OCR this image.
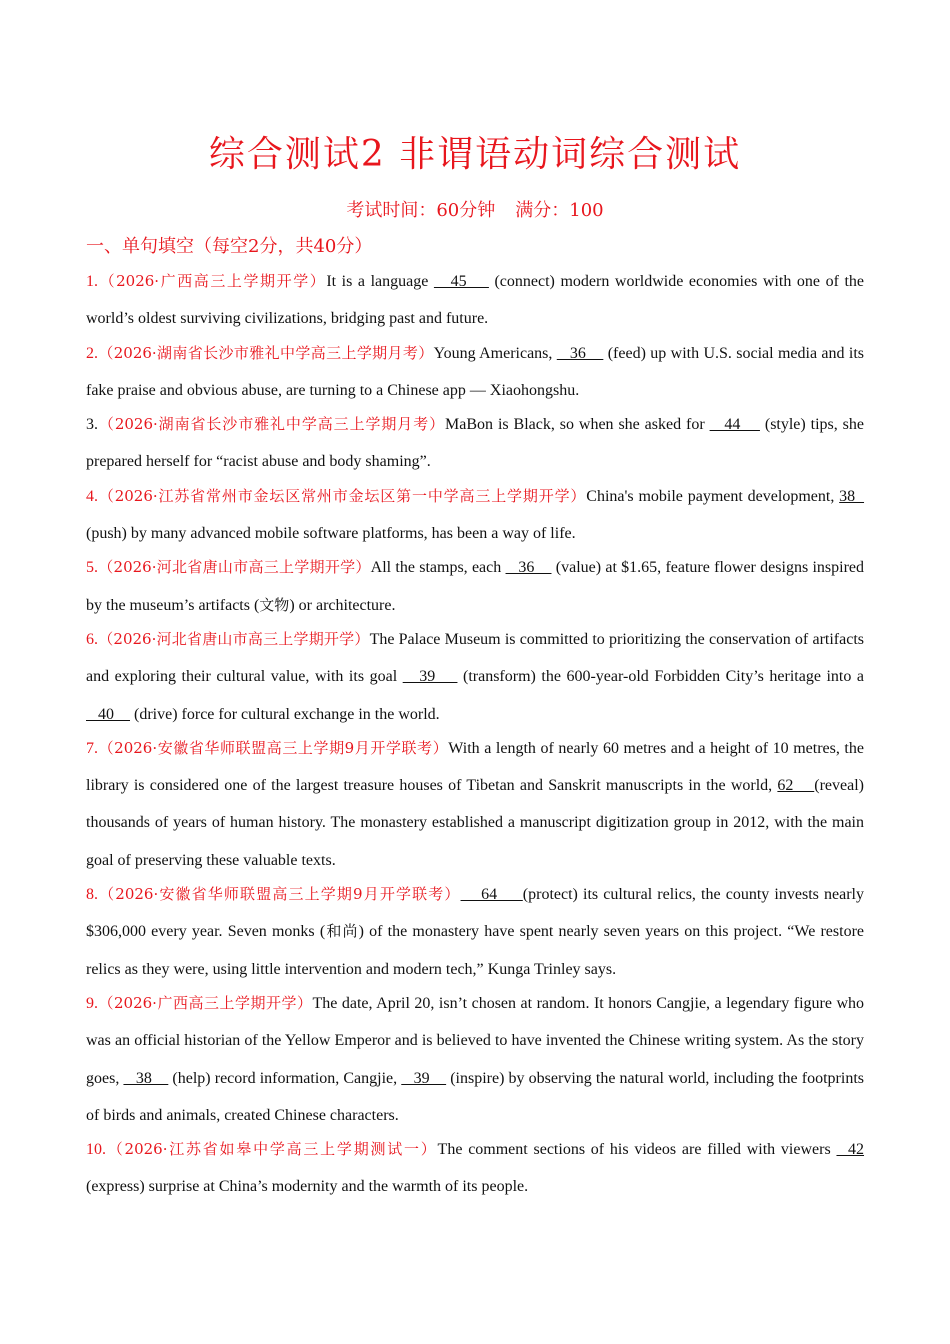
综合测试2 非谓语动词综合测试
考试时间：60分钟 满分：100
一、单句填空（每空2分，共40分）

1.（2026·广西高三上学期开学）It is a language    45     (connect) modern worldwide economies with one of the world’s oldest surviving civilizations, bridging past and future.

2.（2026·湖南省长沙市雅礼中学高三上学期月考）Young Americans,    36     (feed) up with U.S. social media and its fake praise and obvious abuse, are turning to a Chinese app — Xiaohongshu.

3.（2026·湖南省长沙市雅礼中学高三上学期月考）MaBon is Black, so when she asked for    44     (style) tips, she prepared herself for “racist abuse and body shaming”.

4.（2026·江苏省常州市金坛区常州市金坛区第一中学高三上学期开学）China's mobile payment development, 38   (push) by many advanced mobile software platforms, has been a way of life.

5.（2026·河北省唐山市高三上学期开学）All the stamps, each    36     (value) at $1.65, feature flower designs inspired by the museum’s artifacts (文物) or architecture.

6.（2026·河北省唐山市高三上学期开学）The Palace Museum is committed to prioritizing the conservation of artifacts and exploring their cultural value, with its goal    39     (transform) the 600-year-old Forbidden City’s heritage into a    40     (drive) force for cultural exchange in the world.

7.（2026·安徽省华师联盟高三上学期9月开学联考）With a length of nearly 60 metres and a height of 10 metres, the library is considered one of the largest treasure houses of Tibetan and Sanskrit manuscripts in the world, 62    (reveal) thousands of years of human history. The monastery established a manuscript digitization group in 2012, with the main goal of preserving these valuable texts.

8.（2026·安徽省华师联盟高三上学期9月开学联考）    64     (protect) its cultural relics, the county invests nearly $306,000 every year. Seven monks (和尚) of the monastery have spent nearly seven years on this project. “We restore relics as they were, using little intervention and modern tech,” Kunga Trinley says.

9.（2026·广西高三上学期开学）The date, April 20, isn’t chosen at random. It honors Cangjie, a legendary figure who was an official historian of the Yellow Emperor and is believed to have invented the Chinese writing system. As the story goes,    38     (help) record information, Cangjie,    39     (inspire) by observing the natural world, including the footprints of birds and animals, created Chinese characters.

10.（2026·江苏省如皋中学高三上学期测试一）The comment sections of his videos are filled with viewers   42 (express) surprise at China’s modernity and the warmth of its people.
